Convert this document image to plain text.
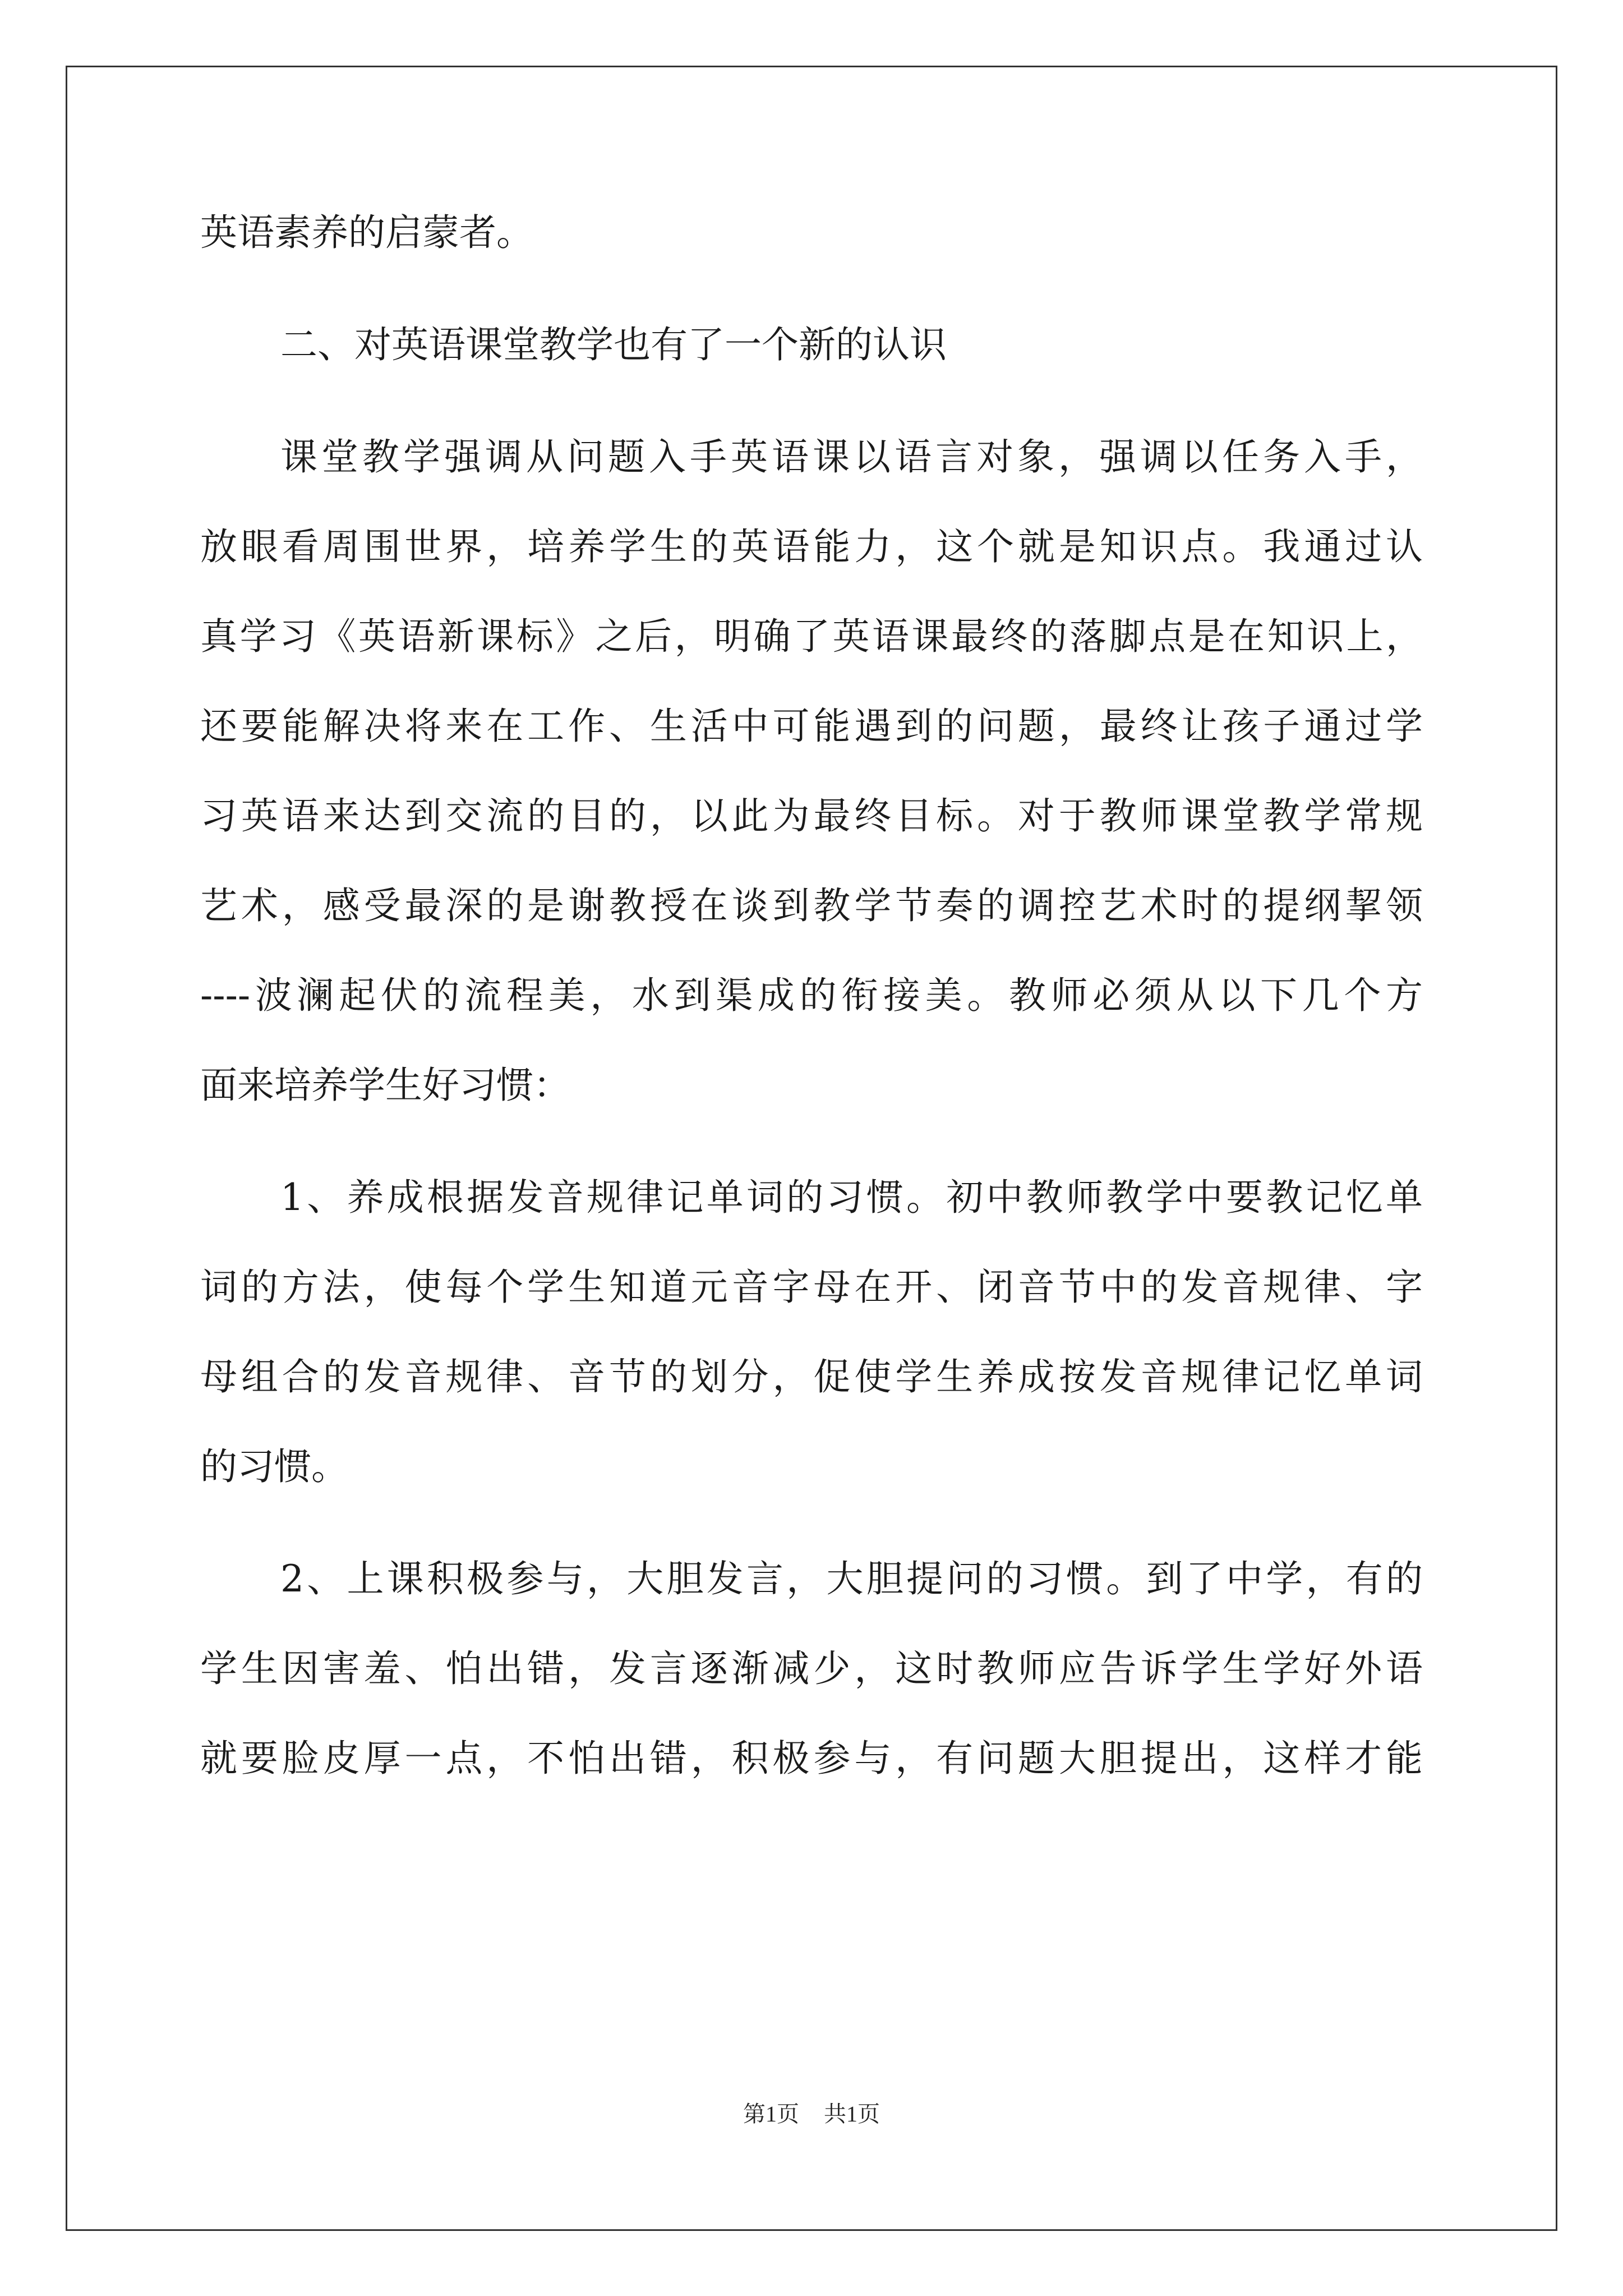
英语素养的启蒙者。
二、对英语课堂教学也有了一个新的认识
课堂教学强调从问题入手英语课以语言对象，强调以任务入手，
放眼看周围世界，培养学生的英语能力，这个就是知识点。我通过认
真学习《英语新课标》之后，明确了英语课最终的落脚点是在知识上，
还要能解决将来在工作、生活中可能遇到的问题，最终让孩子通过学
习英语来达到交流的目的，以此为最终目标。对于教师课堂教学常规
艺术，感受最深的是谢教授在谈到教学节奏的调控艺术时的提纲挈领
----波澜起伏的流程美，水到渠成的衔接美。教师必须从以下几个方
面来培养学生好习惯：
1、养成根据发音规律记单词的习惯。初中教师教学中要教记忆单
词的方法，使每个学生知道元音字母在开、闭音节中的发音规律、字
母组合的发音规律、音节的划分，促使学生养成按发音规律记忆单词
的习惯。
2、上课积极参与，大胆发言，大胆提问的习惯。到了中学，有的
学生因害羞、怕出错，发言逐渐减少，这时教师应告诉学生学好外语
就要脸皮厚一点，不怕出错，积极参与，有问题大胆提出，这样才能
第1页 共1页
